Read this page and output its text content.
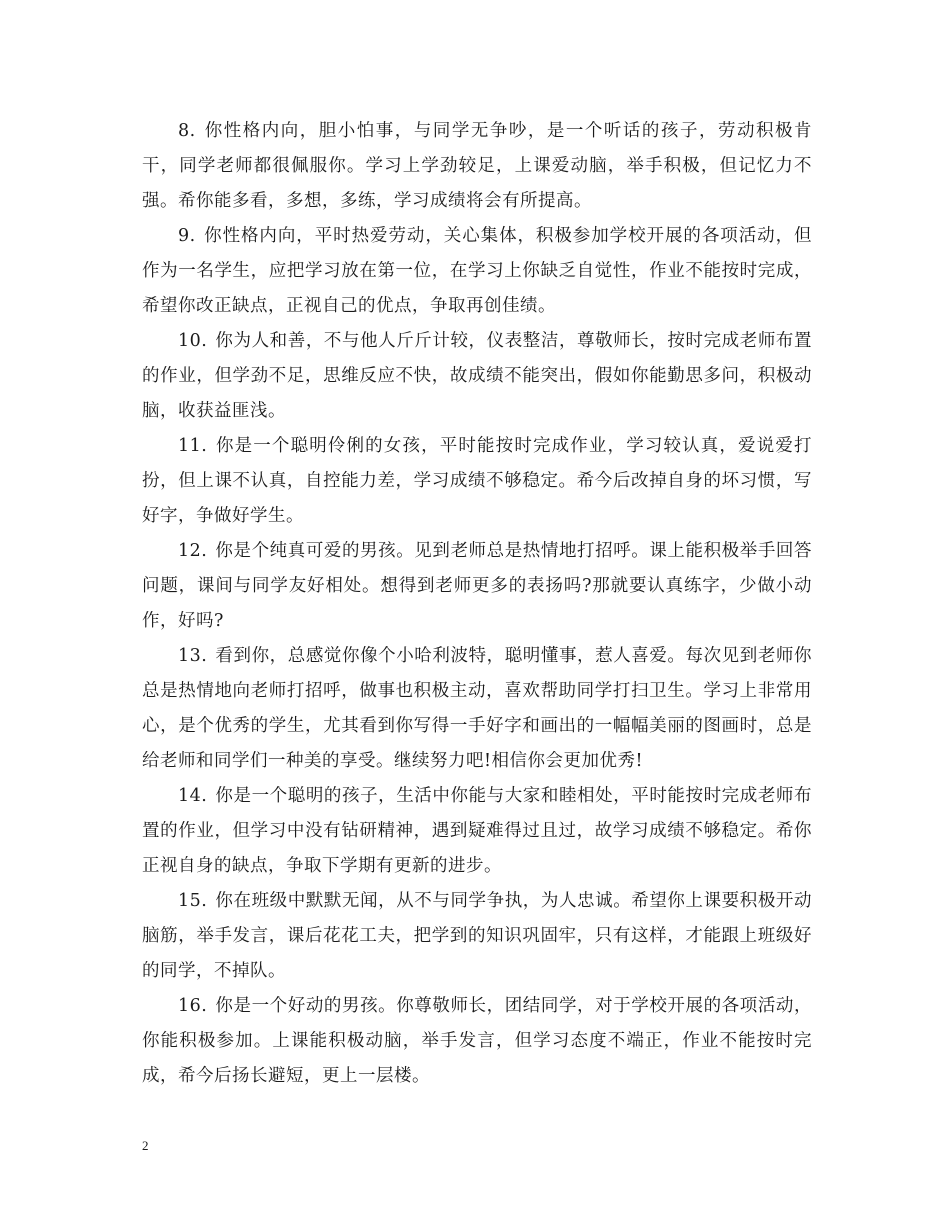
8. 你性格内向，胆小怕事，与同学无争吵，是一个听话的孩子，劳动积极肯干，同学老师都很佩服你。学习上学劲较足，上课爱动脑，举手积极，但记忆力不强。希你能多看，多想，多练，学习成绩将会有所提高。

9. 你性格内向，平时热爱劳动，关心集体，积极参加学校开展的各项活动，但作为一名学生，应把学习放在第一位，在学习上你缺乏自觉性，作业不能按时完成，希望你改正缺点，正视自己的优点，争取再创佳绩。

10. 你为人和善，不与他人斤斤计较，仪表整洁，尊敬师长，按时完成老师布置的作业，但学劲不足，思维反应不快，故成绩不能突出，假如你能勤思多问，积极动脑，收获益匪浅。

11. 你是一个聪明伶俐的女孩，平时能按时完成作业，学习较认真，爱说爱打扮，但上课不认真，自控能力差，学习成绩不够稳定。希今后改掉自身的坏习惯，写好字，争做好学生。

12. 你是个纯真可爱的男孩。见到老师总是热情地打招呼。课上能积极举手回答问题，课间与同学友好相处。想得到老师更多的表扬吗?那就要认真练字，少做小动作，好吗?

13. 看到你，总感觉你像个小哈利波特，聪明懂事，惹人喜爱。每次见到老师你总是热情地向老师打招呼，做事也积极主动，喜欢帮助同学打扫卫生。学习上非常用心，是个优秀的学生，尤其看到你写得一手好字和画出的一幅幅美丽的图画时，总是给老师和同学们一种美的享受。继续努力吧!相信你会更加优秀!

14. 你是一个聪明的孩子，生活中你能与大家和睦相处，平时能按时完成老师布置的作业，但学习中没有钻研精神，遇到疑难得过且过，故学习成绩不够稳定。希你正视自身的缺点，争取下学期有更新的进步。

15. 你在班级中默默无闻，从不与同学争执，为人忠诚。希望你上课要积极开动脑筋，举手发言，课后花花工夫，把学到的知识巩固牢，只有这样，才能跟上班级好的同学，不掉队。

16. 你是一个好动的男孩。你尊敬师长，团结同学，对于学校开展的各项活动，你能积极参加。上课能积极动脑，举手发言，但学习态度不端正，作业不能按时完成，希今后扬长避短，更上一层楼。

2
